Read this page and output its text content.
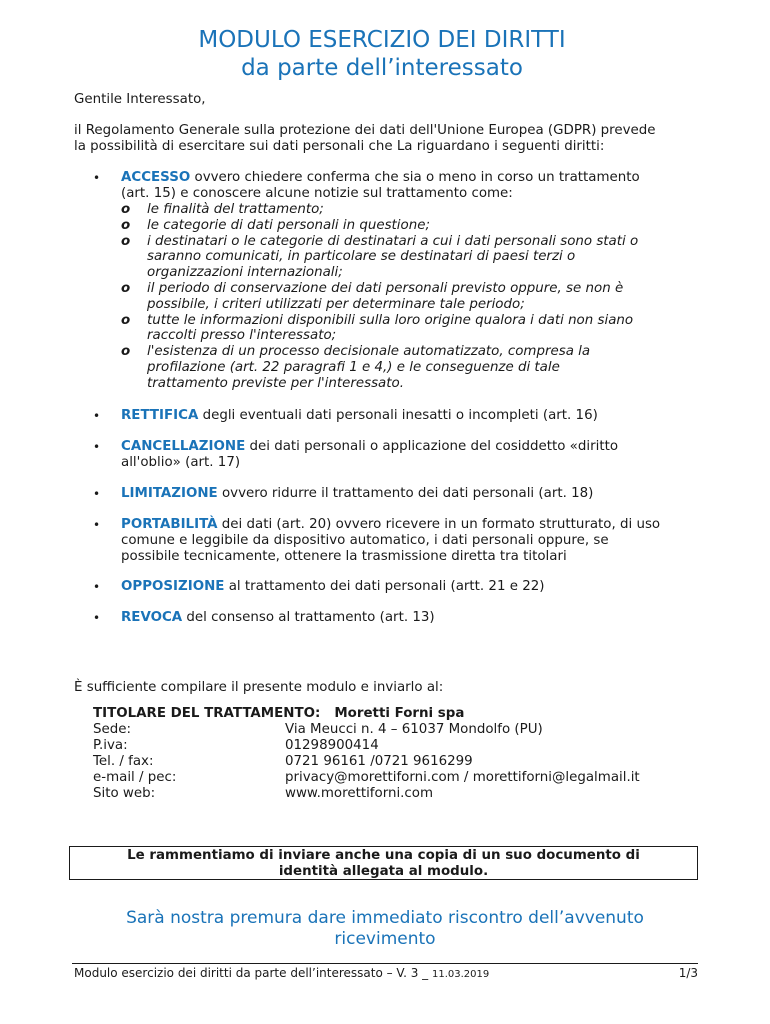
MODULO ESERCIZIO DEI DIRITTI
da parte dell’interessato

Gentile Interessato,

il Regolamento Generale sulla protezione dei dati dell'Unione Europea (GDPR) prevede
la possibilità di esercitare sui dati personali che La riguardano i seguenti diritti:
• ACCESSO ovvero chiedere conferma che sia o meno in corso un trattamento
(art. 15) e conoscere alcune notizie sul trattamento come:
o le finalità del trattamento;
o le categorie di dati personali in questione;
o i destinatari o le categorie di destinatari a cui i dati personali sono stati o
saranno comunicati, in particolare se destinatari di paesi terzi o
organizzazioni internazionali;
o il periodo di conservazione dei dati personali previsto oppure, se non è
possibile, i criteri utilizzati per determinare tale periodo;
o tutte le informazioni disponibili sulla loro origine qualora i dati non siano
raccolti presso l'interessato;
o l'esistenza di un processo decisionale automatizzato, compresa la
profilazione (art. 22 paragrafi 1 e 4,) e le conseguenze di tale
trattamento previste per l'interessato.
• RETTIFICA degli eventuali dati personali inesatti o incompleti (art. 16)
• CANCELLAZIONE dei dati personali o applicazione del cosiddetto «diritto
all'oblio» (art. 17)
• LIMITAZIONE ovvero ridurre il trattamento dei dati personali (art. 18)
• PORTABILITÀ dei dati (art. 20) ovvero ricevere in un formato strutturato, di uso
comune e leggibile da dispositivo automatico, i dati personali oppure, se
possibile tecnicamente, ottenere la trasmissione diretta tra titolari
• OPPOSIZIONE al trattamento dei dati personali (artt. 21 e 22)
• REVOCA del consenso al trattamento (art. 13)

È sufficiente compilare il presente modulo e inviarlo al:

TITOLARE DEL TRATTAMENTO: Moretti Forni spa
Sede:	Via Meucci n. 4 – 61037 Mondolfo (PU)
P.iva:	01298900414
Tel. / fax:	0721 96161 /0721 9616299
e-mail / pec:	privacy@morettiforni.com / morettiforni@legalmail.it
Sito web:	www.morettiforni.com
Le rammentiamo di inviare anche una copia di un suo documento di
identità allegata al modulo.
Sarà nostra premura dare immediato riscontro dell’avvenuto
ricevimento
Modulo esercizio dei diritti da parte dell’interessato – V. 3 _ 11.03.2019	1/3
